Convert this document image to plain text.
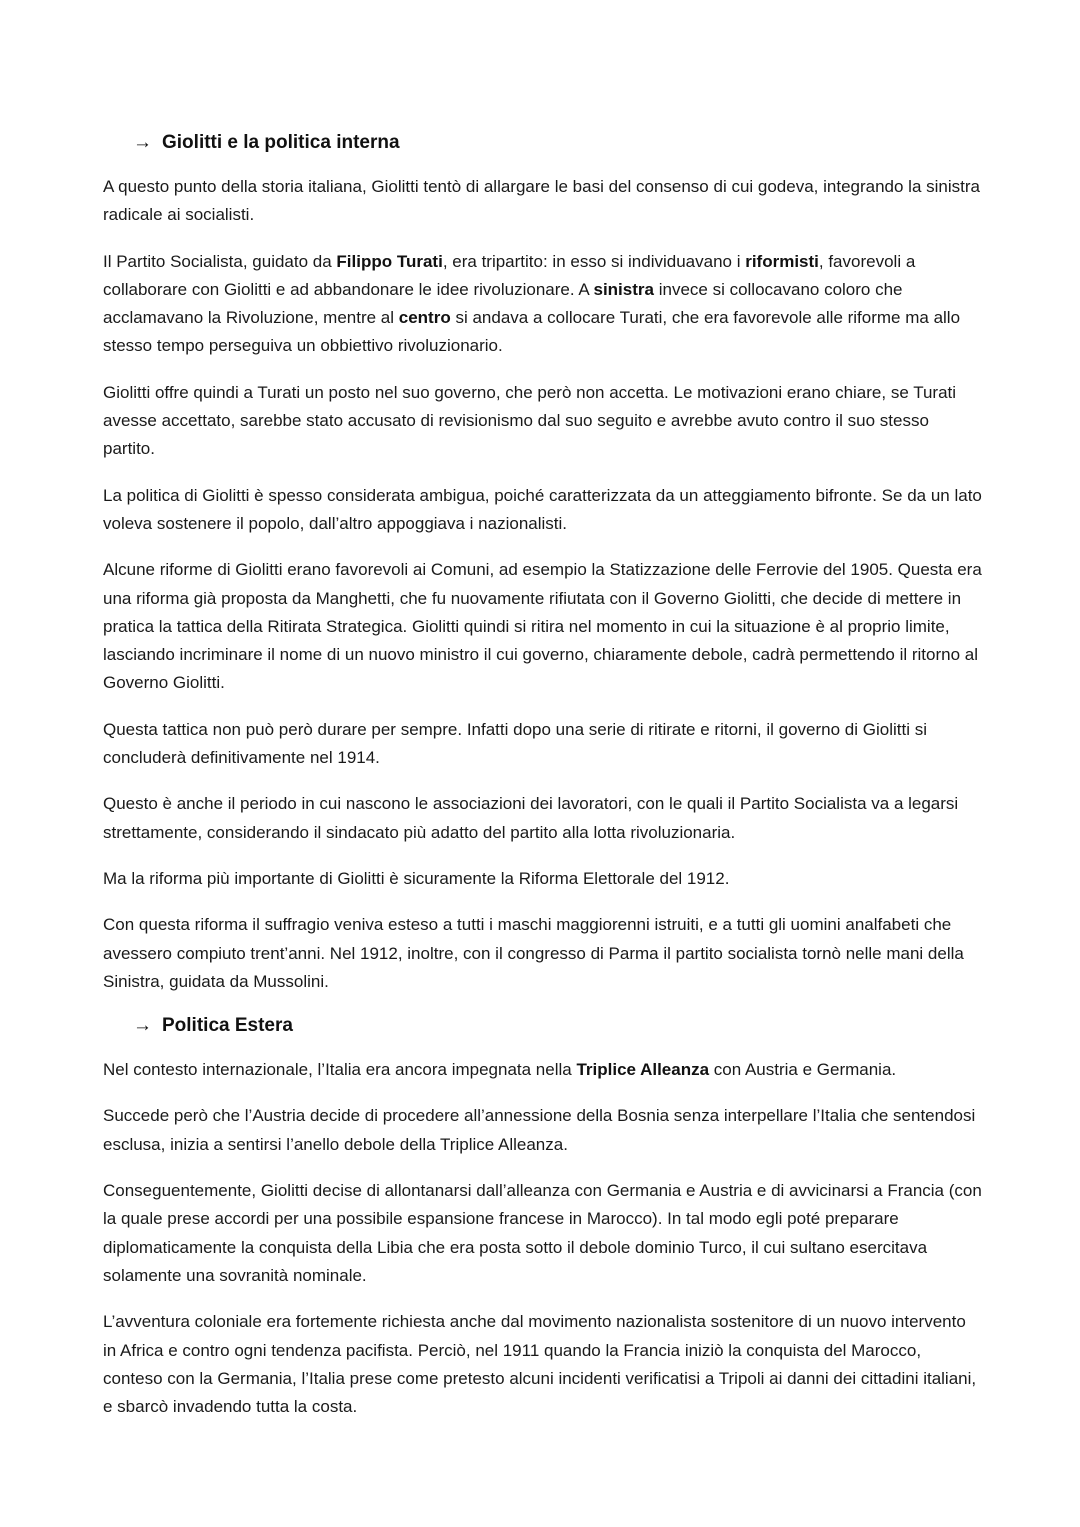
→ Giolitti e la politica interna

A questo punto della storia italiana, Giolitti tentò di allargare le basi del consenso di cui godeva, integrando la sinistra radicale ai socialisti.

Il Partito Socialista, guidato da Filippo Turati, era tripartito: in esso si individuavano i riformisti, favorevoli a collaborare con Giolitti e ad abbandonare le idee rivoluzionare. A sinistra invece si collocavano coloro che acclamavano la Rivoluzione, mentre al centro si andava a collocare Turati, che era favorevole alle riforme ma allo stesso tempo perseguiva un obbiettivo rivoluzionario.

Giolitti offre quindi a Turati un posto nel suo governo, che però non accetta. Le motivazioni erano chiare, se Turati avesse accettato, sarebbe stato accusato di revisionismo dal suo seguito e avrebbe avuto contro il suo stesso partito.

La politica di Giolitti è spesso considerata ambigua, poiché caratterizzata da un atteggiamento bifronte. Se da un lato voleva sostenere il popolo, dall’altro appoggiava i nazionalisti.

Alcune riforme di Giolitti erano favorevoli ai Comuni, ad esempio la Statizzazione delle Ferrovie del 1905. Questa era una riforma già proposta da Manghetti, che fu nuovamente rifiutata con il Governo Giolitti, che decide di mettere in pratica la tattica della Ritirata Strategica. Giolitti quindi si ritira nel momento in cui la situazione è al proprio limite, lasciando incriminare il nome di un nuovo ministro il cui governo, chiaramente debole, cadrà permettendo il ritorno al Governo Giolitti.

Questa tattica non può però durare per sempre. Infatti dopo una serie di ritirate e ritorni, il governo di Giolitti si concluderà definitivamente nel 1914.

Questo è anche il periodo in cui nascono le associazioni dei lavoratori, con le quali il Partito Socialista va a legarsi strettamente, considerando il sindacato più adatto del partito alla lotta rivoluzionaria.

Ma la riforma più importante di Giolitti è sicuramente la Riforma Elettorale del 1912.

Con questa riforma il suffragio veniva esteso a tutti i maschi maggiorenni istruiti, e a tutti gli uomini analfabeti che avessero compiuto trent’anni. Nel 1912, inoltre, con il congresso di Parma il partito socialista tornò nelle mani della Sinistra, guidata da Mussolini.

→ Politica Estera

Nel contesto internazionale, l’Italia era ancora impegnata nella Triplice Alleanza con Austria e Germania.

Succede però che l’Austria decide di procedere all’annessione della Bosnia senza interpellare l’Italia che sentendosi esclusa, inizia a sentirsi l’anello debole della Triplice Alleanza.

Conseguentemente, Giolitti decise di allontanarsi dall’alleanza con Germania e Austria e di avvicinarsi a Francia (con la quale prese accordi per una possibile espansione francese in Marocco). In tal modo egli poté preparare diplomaticamente la conquista della Libia che era posta sotto il debole dominio Turco, il cui sultano esercitava solamente una sovranità nominale.

L’avventura coloniale era fortemente richiesta anche dal movimento nazionalista sostenitore di un nuovo intervento in Africa e contro ogni tendenza pacifista. Perciò, nel 1911 quando la Francia iniziò la conquista del Marocco, conteso con la Germania, l’Italia prese come pretesto alcuni incidenti verificatisi a Tripoli ai danni dei cittadini italiani, e sbarcò invadendo tutta la costa.
